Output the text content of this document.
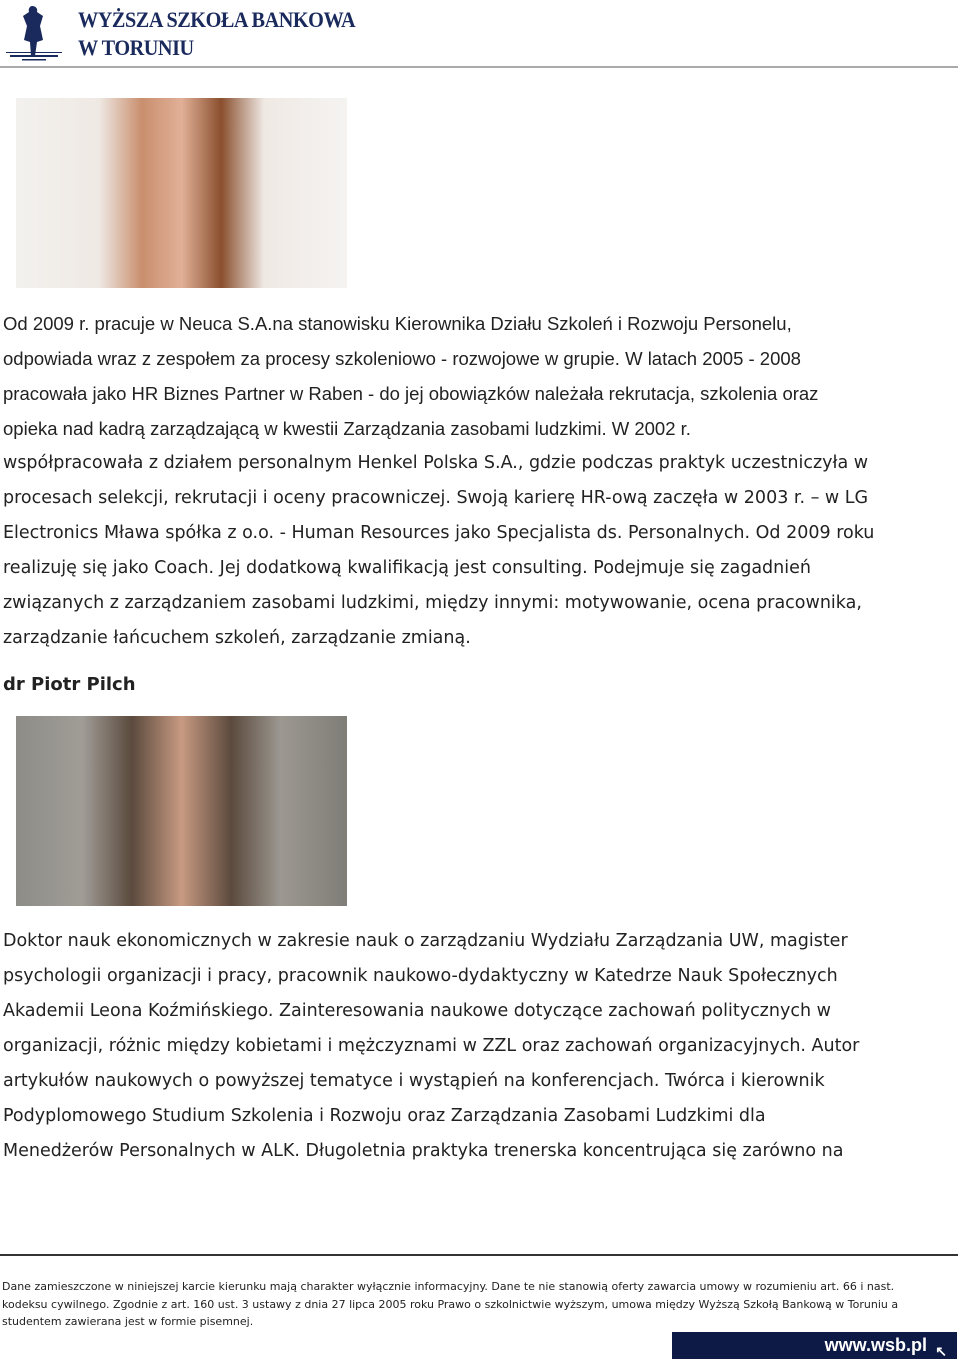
WYŻSZA SZKOŁA BANKOWA
W TORUNIU
Od 2009 r. pracuje w Neuca S.A.na stanowisku Kierownika Działu Szkoleń i Rozwoju Personelu,
odpowiada wraz z zespołem za procesy szkoleniowo - rozwojowe w grupie. W latach 2005 - 2008
pracowała jako HR Biznes Partner w Raben - do jej obowiązków należała rekrutacja, szkolenia oraz
opieka nad kadrą zarządzającą w kwestii Zarządzania zasobami ludzkimi. W 2002 r.
współpracowała z działem personalnym Henkel Polska S.A., gdzie podczas praktyk uczestniczyła w
procesach selekcji, rekrutacji i oceny pracowniczej. Swoją karierę HR-ową zaczęła w 2003 r. – w LG
Electronics Mława spółka z o.o. - Human Resources jako Specjalista ds. Personalnych. Od 2009 roku
realizuję się jako Coach. Jej dodatkową kwalifikacją jest consulting. Podejmuje się zagadnień
związanych z zarządzaniem zasobami ludzkimi, między innymi: motywowanie, ocena pracownika,
zarządzanie łańcuchem szkoleń, zarządzanie zmianą.
dr Piotr Pilch
Doktor nauk ekonomicznych w zakresie nauk o zarządzaniu Wydziału Zarządzania UW, magister
psychologii organizacji i pracy, pracownik naukowo-dydaktyczny w Katedrze Nauk Społecznych
Akademii Leona Koźmińskiego. Zainteresowania naukowe dotyczące zachowań politycznych w
organizacji, różnic między kobietami i mężczyznami w ZZL oraz zachowań organizacyjnych. Autor
artykułów naukowych o powyższej tematyce i wystąpień na konferencjach. Twórca i kierownik
Podyplomowego Studium Szkolenia i Rozwoju oraz Zarządzania Zasobami Ludzkimi dla
Menedżerów Personalnych w ALK. Długoletnia praktyka trenerska koncentrująca się zarówno na
Dane zamieszczone w niniejszej karcie kierunku mają charakter wyłącznie informacyjny. Dane te nie stanowią oferty zawarcia umowy w rozumieniu art. 66 i nast.
kodeksu cywilnego. Zgodnie z art. 160 ust. 3 ustawy z dnia 27 lipca 2005 roku Prawo o szkolnictwie wyższym, umowa między Wyższą Szkołą Bankową w Toruniu a
studentem zawierana jest w formie pisemnej.
www.wsb.pl ↖
